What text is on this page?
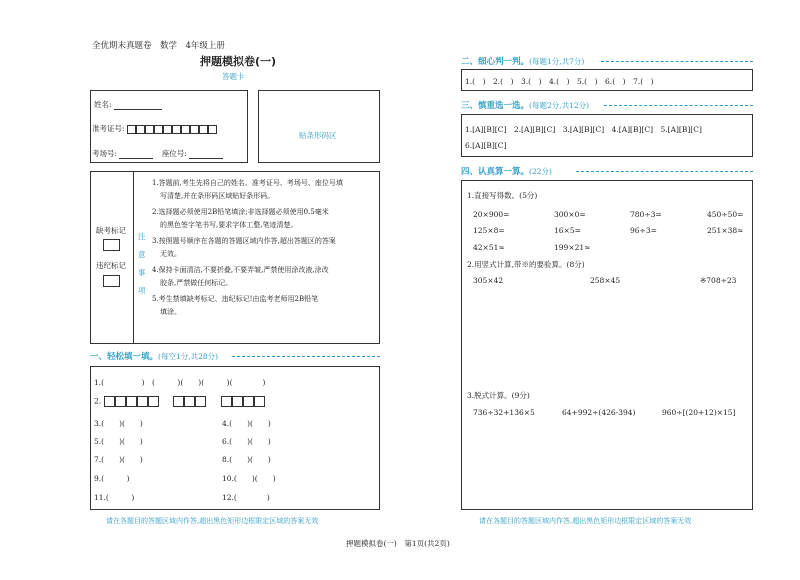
全优期末真题卷　数学　4年级上册
押题模拟卷(一)
答题卡
姓名:
准考证号:
考场号:	座位号:
贴条形码区
缺考标记
违纪标记
注
意
事
项
1.答题前,考生先将自己的姓名、准考证号、考场号、座位号填
写清楚,并在条形码区域贴好条形码。
2.选择题必须使用2B铅笔填涂;非选择题必须使用0.5毫米
的黑色签字笔书写,要求字体工整,笔迹清楚。
3.按照题号顺序在各题的答题区域内作答,超出答题区的答案
无效。
4.保持卡面清洁,不要折叠,不要弄皱,严禁使用涂改液,涂改
胶条,严禁做任何标记。
5.考生禁填缺考标记、违纪标记!由监考老师用2B铅笔
填涂。
一、轻松填一填。(每空1分,共28分)
1.(　　　　　)　(　　　)(　　)(　　　)(　　　　)
2.
3.(　　)(　　)	4.(　　)(　　)
5.(　　)(　　)	6.(　　)(　　)
7.(　　)(　　)	8.(　　)(　　)
9.(　　　)	10.(　　)(　　)
11.(　　　)	12.(　　　　)
请在各题目的答题区域内作答,超出黑色矩形边框限定区域的答案无效
二、细心判一判。(每题1分,共7分)
1.(　)　2.(　)　3.(　)　4.(　)　5.(　)　6.(　)　7.(　)
三、慎重选一选。(每题2分,共12分)
1.[A][B][C]　2.[A][B][C]　3.[A][B][C]　4.[A][B][C]　5.[A][B][C]
6.[A][B][C]
四、认真算一算。(22分)
1.直接写得数。(5分)
20×900=	300×0=	780÷3=	450÷50=
125×8=	16×5=	96÷3=	251×38≈
42×51≈	199×21≈
2.用竖式计算,带※的要验算。(8分)
305×42	258×45	※708÷23
3.脱式计算。(9分)
736÷32+136×5	64+992÷(426-394)	960÷[(20+12)×15]
请在各题目的答题区域内作答,超出黑色矩形边框限定区域的答案无效
押题模拟卷(一)　第1页(共2页)
